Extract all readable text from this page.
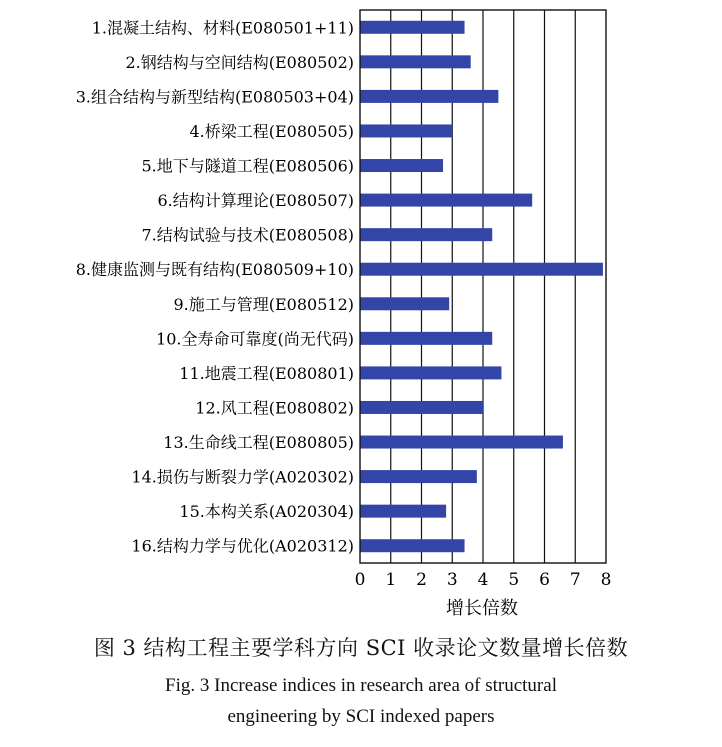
1.混凝土结构、材料(E080501+11)
2.钢结构与空间结构(E080502)
3.组合结构与新型结构(E080503+04)
4.桥梁工程(E080505)
5.地下与隧道工程(E080506)
6.结构计算理论(E080507)
7.结构试验与技术(E080508)
8.健康监测与既有结构(E080509+10)
9.施工与管理(E080512)
10.全寿命可靠度(尚无代码)
11.地震工程(E080801)
12.风工程(E080802)
13.生命线工程(E080805)
14.损伤与断裂力学(A020302)
15.本构关系(A020304)
16.结构力学与优化(A020312)
0 1 2 3 4 5 6 7 8
增长倍数
图 3 结构工程主要学科方向 SCI 收录论文数量增长倍数
Fig. 3 Increase indices in research area of structural
engineering by SCI indexed papers
